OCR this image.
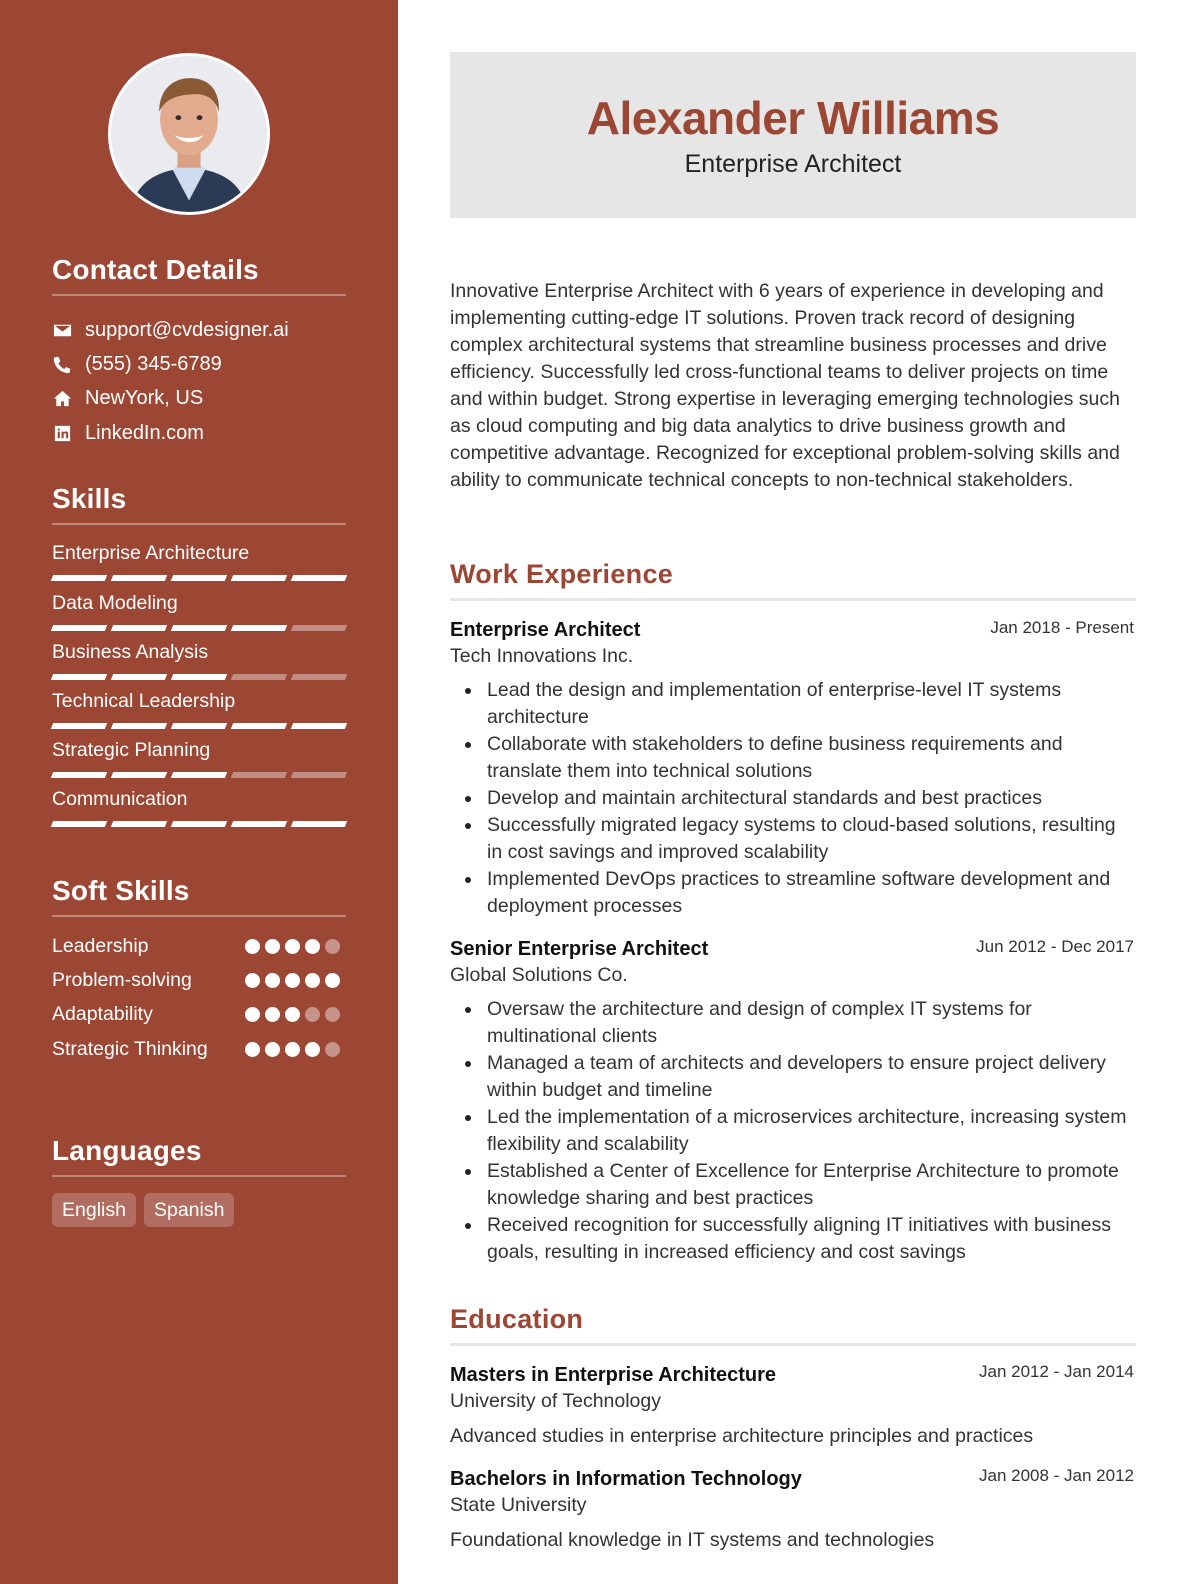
Contact Details
support@cvdesigner.ai
(555) 345-6789
NewYork, US
LinkedIn.com
Skills
Enterprise Architecture
Data Modeling
Business Analysis
Technical Leadership
Strategic Planning
Communication
Soft Skills
Leadership
Problem-solving
Adaptability
Strategic Thinking
Languages
English	Spanish
Alexander Williams
Enterprise Architect

Innovative Enterprise Architect with 6 years of experience in developing and implementing cutting-edge IT solutions. Proven track record of designing complex architectural systems that streamline business processes and drive efficiency. Successfully led cross-functional teams to deliver projects on time and within budget. Strong expertise in leveraging emerging technologies such as cloud computing and big data analytics to drive business growth and competitive advantage. Recognized for exceptional problem-solving skills and ability to communicate technical concepts to non-technical stakeholders.

Work Experience
Enterprise Architect	Jan 2018 - Present
Tech Innovations Inc.
Lead the design and implementation of enterprise-level IT systems architecture
Collaborate with stakeholders to define business requirements and translate them into technical solutions
Develop and maintain architectural standards and best practices
Successfully migrated legacy systems to cloud-based solutions, resulting in cost savings and improved scalability
Implemented DevOps practices to streamline software development and deployment processes
Senior Enterprise Architect	Jun 2012 - Dec 2017
Global Solutions Co.
Oversaw the architecture and design of complex IT systems for multinational clients
Managed a team of architects and developers to ensure project delivery within budget and timeline
Led the implementation of a microservices architecture, increasing system flexibility and scalability
Established a Center of Excellence for Enterprise Architecture to promote knowledge sharing and best practices
Received recognition for successfully aligning IT initiatives with business goals, resulting in increased efficiency and cost savings
Education
Masters in Enterprise Architecture	Jan 2012 - Jan 2014
University of Technology
Advanced studies in enterprise architecture principles and practices
Bachelors in Information Technology	Jan 2008 - Jan 2012
State University
Foundational knowledge in IT systems and technologies
